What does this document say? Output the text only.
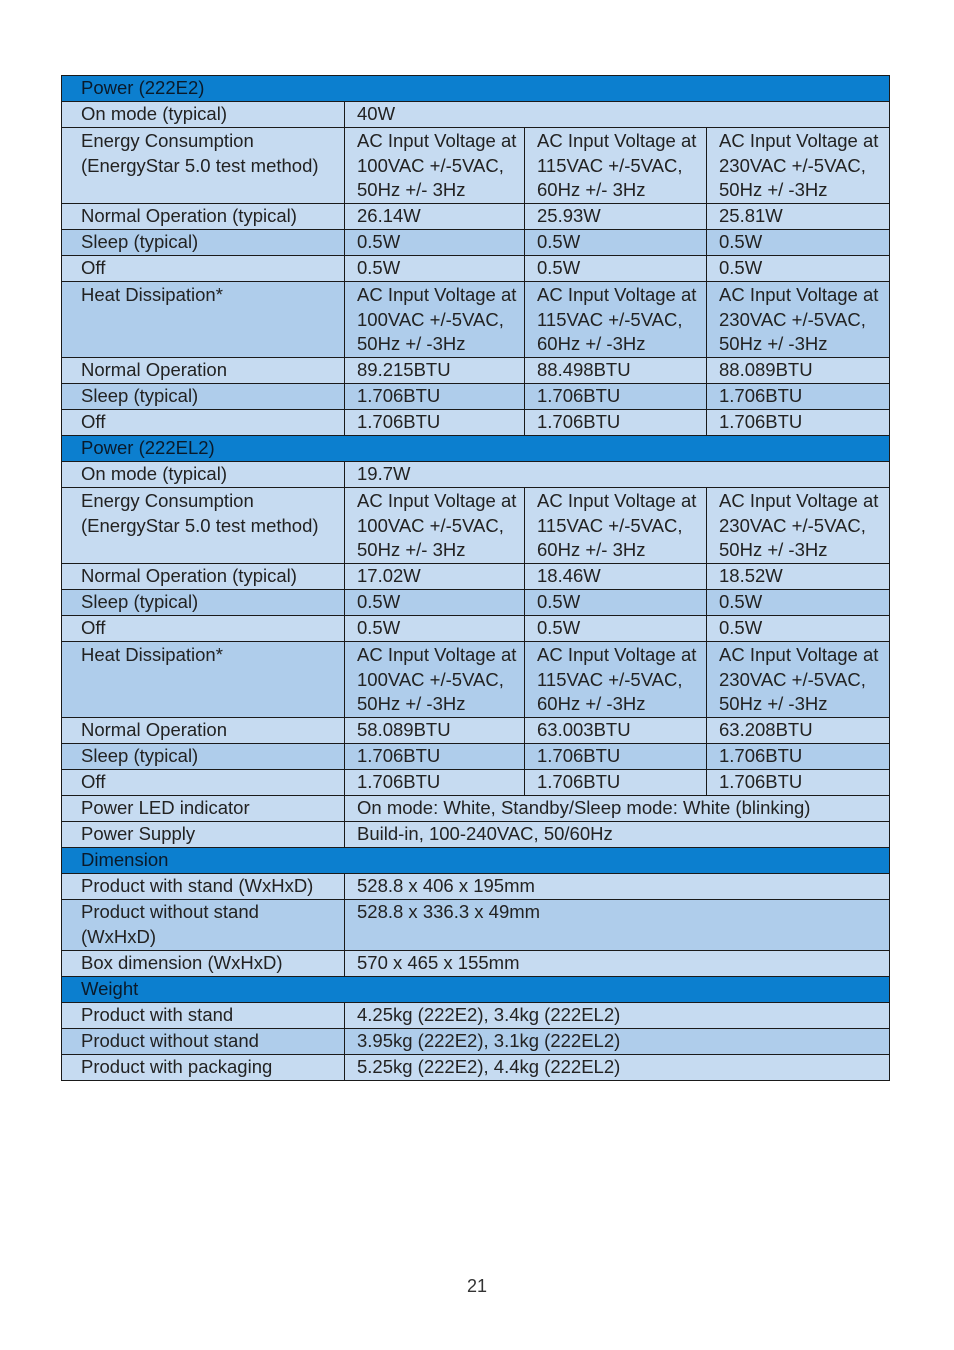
Power (222E2)			
On mode (typical)	40W		
Energy Consumption (EnergyStar 5.0 test method)	AC Input Voltage at 100VAC +/-5VAC, 50Hz +/- 3Hz	AC Input Voltage at 115VAC +/-5VAC, 60Hz +/- 3Hz	AC Input Voltage at 230VAC +/-5VAC, 50Hz +/ -3Hz
Normal Operation (typical)	26.14W	25.93W	25.81W
Sleep (typical)	0.5W	0.5W	0.5W
Off	0.5W	0.5W	0.5W
Heat Dissipation*	AC Input Voltage at 100VAC +/-5VAC, 50Hz +/ -3Hz	AC Input Voltage at 115VAC +/-5VAC, 60Hz +/ -3Hz	AC Input Voltage at 230VAC +/-5VAC, 50Hz +/ -3Hz
Normal Operation	89.215BTU	88.498BTU	88.089BTU
Sleep (typical)	1.706BTU	1.706BTU	1.706BTU
Off	1.706BTU	1.706BTU	1.706BTU
Power (222EL2)			
On mode (typical)	19.7W		
Energy Consumption (EnergyStar 5.0 test method)	AC Input Voltage at 100VAC +/-5VAC, 50Hz +/- 3Hz	AC Input Voltage at 115VAC +/-5VAC, 60Hz +/- 3Hz	AC Input Voltage at 230VAC +/-5VAC, 50Hz +/ -3Hz
Normal Operation (typical)	17.02W	18.46W	18.52W
Sleep (typical)	0.5W	0.5W	0.5W
Off	0.5W	0.5W	0.5W
Heat Dissipation*	AC Input Voltage at 100VAC +/-5VAC, 50Hz +/ -3Hz	AC Input Voltage at 115VAC +/-5VAC, 60Hz +/ -3Hz	AC Input Voltage at 230VAC +/-5VAC, 50Hz +/ -3Hz
Normal Operation	58.089BTU	63.003BTU	63.208BTU
Sleep (typical)	1.706BTU	1.706BTU	1.706BTU
Off	1.706BTU	1.706BTU	1.706BTU
Power LED indicator	On mode: White, Standby/Sleep mode: White (blinking)		
Power Supply	Build-in, 100-240VAC, 50/60Hz		
Dimension			
Product with stand (WxHxD)	528.8 x 406 x 195mm		
Product without stand (WxHxD)	528.8 x 336.3 x 49mm		
Box dimension (WxHxD)	570 x 465 x 155mm		
Weight			
Product with stand	4.25kg (222E2), 3.4kg (222EL2)		
Product without stand	3.95kg (222E2), 3.1kg (222EL2)		
Product with packaging	5.25kg (222E2), 4.4kg (222EL2)		
21
